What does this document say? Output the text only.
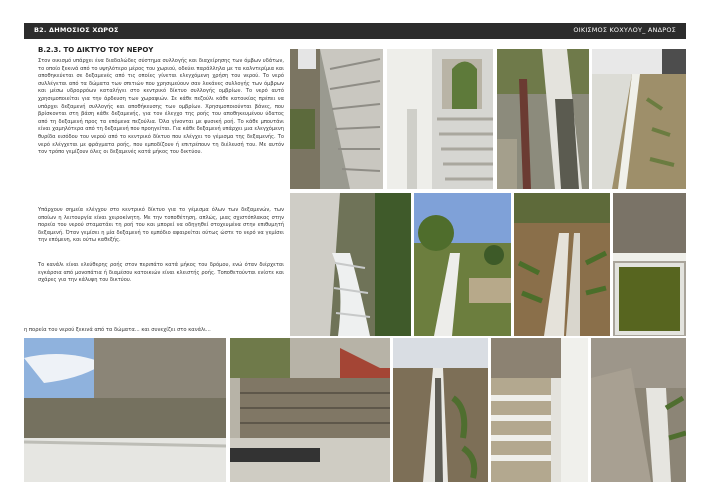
Β2. ΔΗΜΟΣΙΟΣ ΧΩΡΟΣ	ΟΙΚΙΣΜΟΣ ΚΟΧΥΛΟΥ_ ΑΝΔΡΟΣ
Β.2.3. ΤΟ ΔΙΚΤΥΟ ΤΟΥ ΝΕΡΟΥ

Στον οικισμό υπάρχει ένα διαδαλώδες σύστημα συλλογής και διαχείρησης των όμβων υδάτων, το οποίο ξεκινά από το υψηλότερο μέρος του χωριού, οδεύει παράλληλα με τα καλντερίμια και αποθηκεύεται σε δεξαμενές από τις οποίες γίνεται ελεγχόμενη χρήση του νερού. Το νερό συλλέγεται από τα δώματα των σπιτιών που χρησιμεύουν σαν λεκάνες συλλογής των όμβρων και μέσω υδρορρόων καταλήγει στο κεντρικό δίκτυο συλλογής ομβρίων. Το νερό αυτό χρησιμοποιείται για την άρδευση των χωραφιών. Σε κάθε πεζούλι κάθε κατοικίας πρέπει να υπάρχει δεξαμενή συλλογής και αποθήκευσης των ομβρίων. Χρησιμοποιούνται βάνες, που βρίσκονται στη βάση κάθε δεξαμενής, για τον έλεγχο της ροής του αποθηκευμένου ύδατος από τη δεξαμενή προς τα επόμενα πεζούλια. Όλα γίνονται με φυσική ροή. Το κάθε μπουτάνι είναι χαμηλότερα από τη δεξαμενή που προηγείται. Για κάθε δεξαμενή υπάρχει μια ελεγχόμενη θυρίδα εισόδου του νερού από το κεντρικό δίκτυο που ελέγχει το γέμισμα της δεξαμενής. Το νερό ελέγχεται με φράγματα ροής, που εμποδίζουν ή επιτρέπουν τη διέλευσή του. Με αυτόν τον τρόπο γεμίζουν όλες οι δεξαμενές κατά μήκος του δικτύου.

Υπάρχουν σημεία ελέγχου στο κεντρικό δίκτυο για το γέμισμα όλων των δεξαμενών, των οποίων η λειτουργία είναι χειροκίνητη. Με την τοποθέτηση, απλώς, μιας σχιστόπλακας στην πορεία του νερού σταματάει τη ροή του και μπορεί να οδηγηθεί στοχευμένα στην επιθυμητή δεξαμενή. Όταν γεμίσει η μία δεξαμενή το εμπόδιο αφαιρείται ούτως ώστε το νερό να γεμίσει την επόμενη, και ούτω καθεξής.

Το κανάλι είναι ελεύθερης ροής στον περιπάτο κατά μήκος του δρόμου, ενώ όταν διέρχεται εγκάρσια από μονοπάτια ή διαμέσου κατοικιών είναι κλειστής ροής. Τοποθετούνται ενίοτε και σχάρες για την κάλυψη του δικτύου.

η πορεία του νερού ξεκινά από τα δώματα... και συνεχίζει στο κανάλι...
